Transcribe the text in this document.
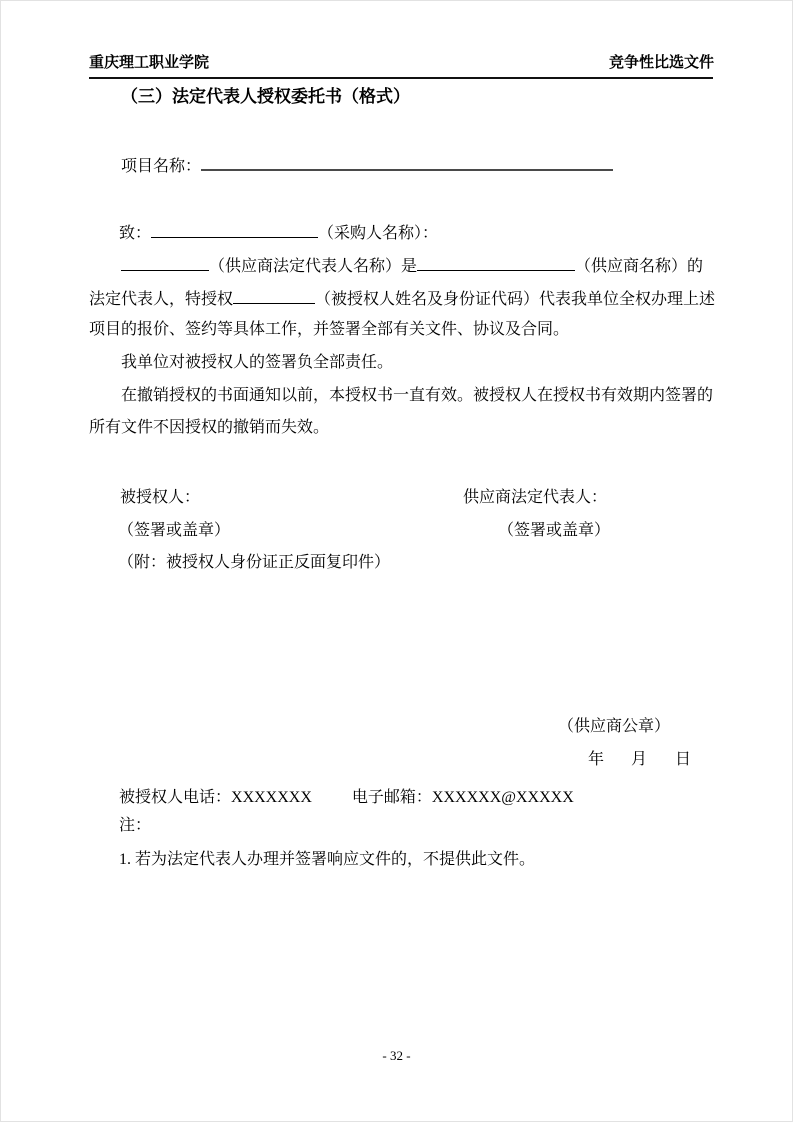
重庆理工职业学院	竞争性比选文件
（三）法定代表人授权委托书（格式）
项目名称：
致：	（采购人名称）：
（供应商法定代表人名称）是	（供应商名称）的
法定代表人，特授权	（被授权人姓名及身份证代码）代表我单位全权办理上述
项目的报价、签约等具体工作，并签署全部有关文件、协议及合同。
我单位对被授权人的签署负全部责任。
在撤销授权的书面通知以前，本授权书一直有效。被授权人在授权书有效期内签署的
所有文件不因授权的撤销而失效。
被授权人：	供应商法定代表人：
（签署或盖章）	（签署或盖章）
（附：被授权人身份证正反面复印件）
（供应商公章）
年 月 日
被授权人电话：XXXXXXX	电子邮箱：XXXXXX@XXXXX
注：
1. 若为法定代表人办理并签署响应文件的，不提供此文件。
- 32 -
